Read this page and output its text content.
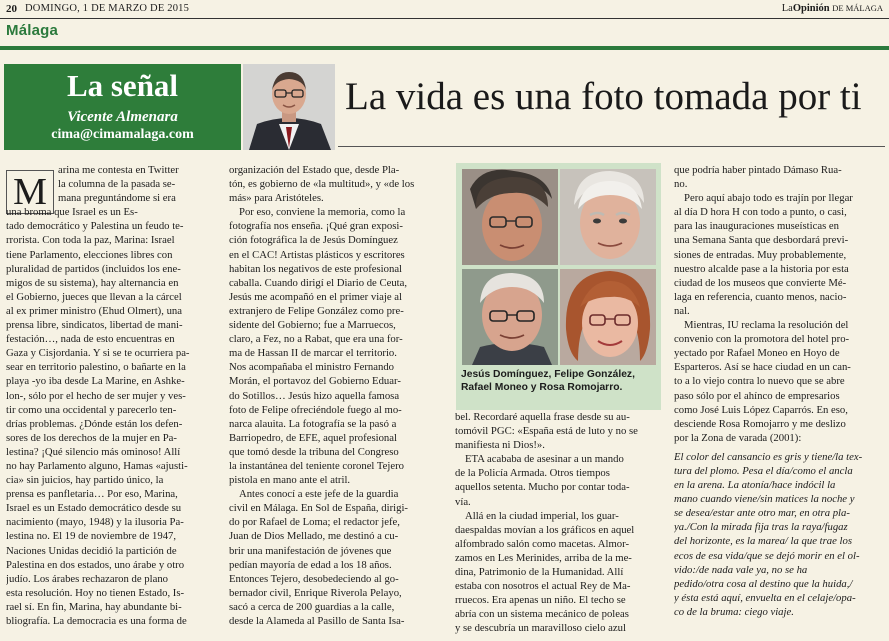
20 DOMINGO, 1 DE MARZO DE 2015	LaOpinión DE MÁLAGA
Málaga
La señal
Vicente Almenara
cima@cimamalaga.com
La vida es una foto tomada por ti
M

arina me contesta en Twitter

la columna de la pasada se-

mana preguntándome si era

una broma que Israel es un Es-

tado democrático y Palestina un feudo te-

rrorista. Con toda la paz, Marina: Israel

tiene Parlamento, elecciones libres con

pluralidad de partidos (incluidos los ene-

migos de su sistema), hay alternancia en

el Gobierno, jueces que llevan a la cárcel

al ex primer ministro (Ehud Olmert), una

prensa libre, sindicatos, libertad de mani-

festación…, nada de esto encuentras en

Gaza y Cisjordania. Y si se te ocurriera pa-

sear en territorio palestino, o bañarte en la

playa -yo iba desde La Marine, en Ashke-

lon-, sólo por el hecho de ser mujer y ves-

tir como una occidental y parecerlo ten-

drías problemas. ¿Dónde están los defen-

sores de los derechos de la mujer en Pa-

lestina? ¡Qué silencio más ominoso! Allí

no hay Parlamento alguno, Hamas «ajusti-

cia» sin juicios, hay partido único, la

prensa es panfletaria… Por eso, Marina,

Israel es un Estado democrático desde su

nacimiento (mayo, 1948) y la ilusoria Pa-

lestina no. El 19 de noviembre de 1947,

Naciones Unidas decidió la partición de

Palestina en dos estados, uno árabe y otro

judío. Los árabes rechazaron de plano

esta resolución. Hoy no tienen Estado, Is-

rael sí. En fin, Marina, hay abundante bi-

bliografía. La democracia es una forma de

organización del Estado que, desde Pla-

tón, es gobierno de «la multitud», y «de los

más» para Aristóteles.

Por eso, conviene la memoria, como la

fotografía nos enseña. ¡Qué gran exposi-

ción fotográfica la de Jesús Domínguez

en el CAC! Artistas plásticos y escritores

habitan los negativos de este profesional

caballa. Cuando dirigí el Diario de Ceuta,

Jesús me acompañó en el primer viaje al

extranjero de Felipe González como pre-

sidente del Gobierno; fue a Marruecos,

claro, a Fez, no a Rabat, que era una for-

ma de Hassan II de marcar el territorio.

Nos acompañaba el ministro Fernando

Morán, el portavoz del Gobierno Eduar-

do Sotillos… Jesús hizo aquella famosa

foto de Felipe ofreciéndole fuego al mo-

narca alauita. La fotografía se la pasó a

Barriopedro, de EFE, aquel profesional

que tomó desde la tribuna del Congreso

la instantánea del teniente coronel Tejero

pistola en mano ante el atril.

Antes conocí a este jefe de la guardia

civil en Málaga. En Sol de España, dirigi-

do por Rafael de Loma; el redactor jefe,

Juan de Dios Mellado, me destinó a cu-

brir una manifestación de jóvenes que

pedían mayoría de edad a los 18 años.

Entonces Tejero, desobedeciendo al go-

bernador civil, Enrique Riverola Pelayo,

sacó a cerca de 200 guardias a la calle,

desde la Alameda al Pasillo de Santa Isa-

Jesús Domínguez, Felipe González,
Rafael Moneo y Rosa Romojarro.

bel. Recordaré aquella frase desde su au-

tomóvil PGC: «España está de luto y no se

manifiesta ni Dios!».

ETA acababa de asesinar a un mando

de la Policía Armada. Otros tiempos

aquellos setenta. Mucho por contar toda-

vía.

Allá en la ciudad imperial, los guar-

daespaldas movían a los gráficos en aquel

alfombrado salón como macetas. Almor-

zamos en Les Merinides, arriba de la me-

dina, Patrimonio de la Humanidad. Allí

estaba con nosotros el actual Rey de Ma-

rruecos. Era apenas un niño. El techo se

abría con un sistema mecánico de poleas

y se descubría un maravilloso cielo azul

que podría haber pintado Dámaso Rua-

no.

Pero aquí abajo todo es trajín por llegar

al día D hora H con todo a punto, o casi,

para las inauguraciones museísticas en

una Semana Santa que desbordará previ-

siones de entradas. Muy probablemente,

nuestro alcalde pase a la historia por esta

ciudad de los museos que convierte Mé-

laga en referencia, cuanto menos, nacio-

nal.

Mientras, IU reclama la resolución del

convenio con la promotora del hotel pro-

yectado por Rafael Moneo en Hoyo de

Esparteros. Así se hace ciudad en un can-

to a lo viejo contra lo nuevo que se abre

paso sólo por el ahínco de empresarios

como José Luis López Caparrós. En eso,

desciende Rosa Romojarro y me deslizo

por la Zona de varada (2001):

El color del cansancio es gris y tiene/la tex-

tura del plomo. Pesa el día/como el ancla

en la arena. La atonía/hace indócil la

mano cuando viene/sin matices la noche y

se desea/estar ante otro mar, en otra pla-

ya./Con la mirada fija tras la raya/fugaz

del horizonte, es la marea/ la que trae los

ecos de esa vida/que se dejó morir en el ol-

vido:/de nada vale ya, no se ha

pedido/otra cosa al destino que la huida,/

y ésta está aquí, envuelta en el celaje/opa-

co de la bruma: ciego viaje.
